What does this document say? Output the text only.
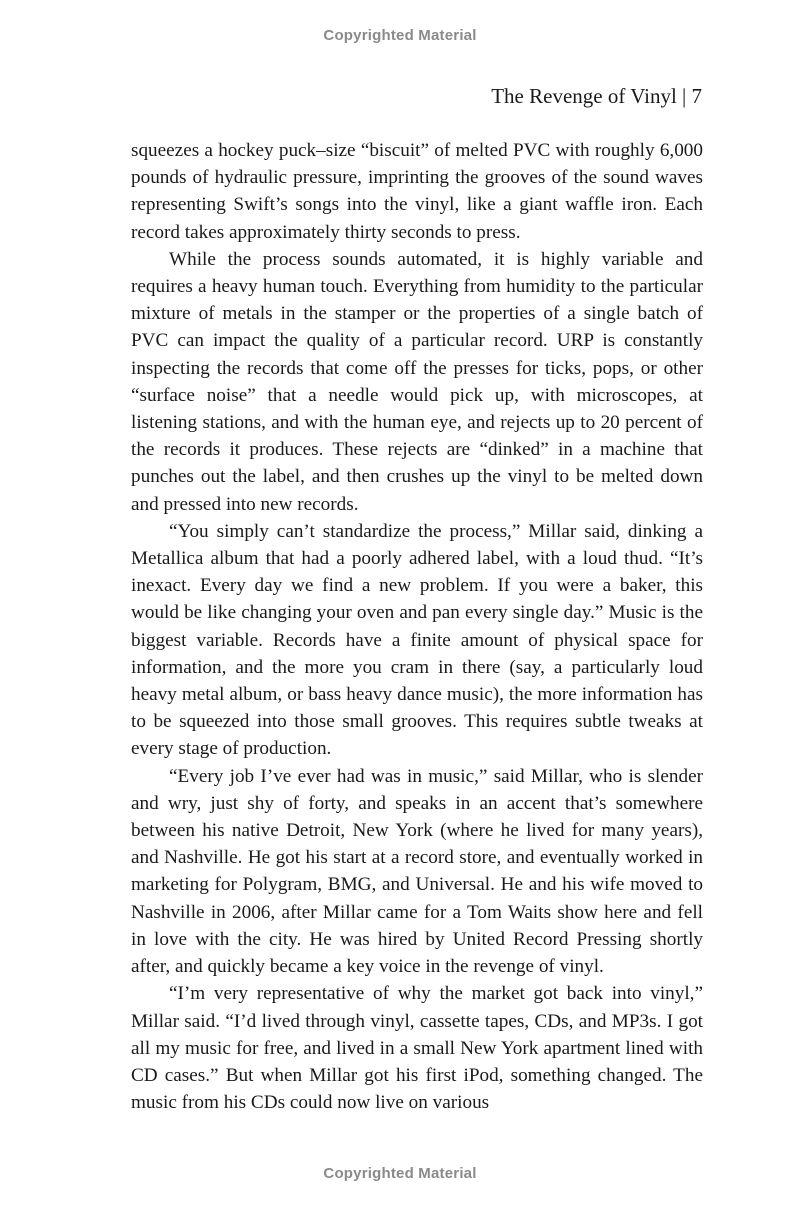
Copyrighted Material
The Revenge of Vinyl | 7

squeezes a hockey puck–size “biscuit” of melted PVC with roughly 6,000 pounds of hydraulic pressure, imprinting the grooves of the sound waves representing Swift’s songs into the vinyl, like a giant waffle iron. Each record takes approximately thirty seconds to press.

While the process sounds automated, it is highly variable and requires a heavy human touch. Everything from humidity to the particular mixture of metals in the stamper or the properties of a single batch of PVC can impact the quality of a particular record. URP is constantly inspecting the records that come off the presses for ticks, pops, or other “surface noise” that a needle would pick up, with microscopes, at listening stations, and with the human eye, and rejects up to 20 percent of the records it produces. These rejects are “dinked” in a machine that punches out the label, and then crushes up the vinyl to be melted down and pressed into new records.

“You simply can’t standardize the process,” Millar said, dinking a Metallica album that had a poorly adhered label, with a loud thud. “It’s inexact. Every day we find a new problem. If you were a baker, this would be like changing your oven and pan every single day.” Music is the biggest variable. Records have a finite amount of physical space for information, and the more you cram in there (say, a particularly loud heavy metal album, or bass heavy dance music), the more information has to be squeezed into those small grooves. This requires subtle tweaks at every stage of production.

“Every job I’ve ever had was in music,” said Millar, who is slender and wry, just shy of forty, and speaks in an accent that’s somewhere between his native Detroit, New York (where he lived for many years), and Nashville. He got his start at a record store, and eventually worked in marketing for Polygram, BMG, and Universal. He and his wife moved to Nashville in 2006, after Millar came for a Tom Waits show here and fell in love with the city. He was hired by United Record Pressing shortly after, and quickly became a key voice in the revenge of vinyl.

“I’m very representative of why the market got back into vinyl,” Millar said. “I’d lived through vinyl, cassette tapes, CDs, and MP3s. I got all my music for free, and lived in a small New York apartment lined with CD cases.” But when Millar got his first iPod, something changed. The music from his CDs could now live on various

Copyrighted Material
